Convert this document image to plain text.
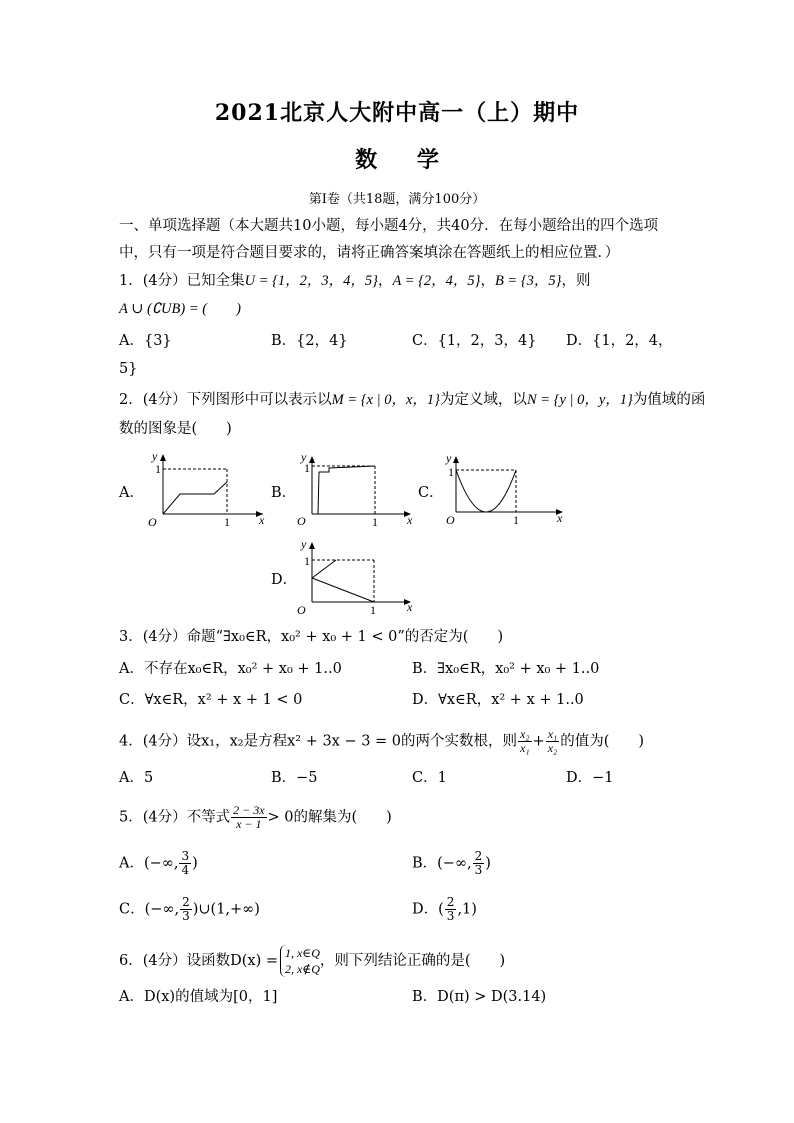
2021北京人大附中高一（上）期中
数 学
第Ⅰ卷（共18题，满分100分）
一、单项选择题（本大题共10小题，每小题4分，共40分．在每小题给出的四个选项
中，只有一项是符合题目要求的，请将正确答案填涂在答题纸上的相应位置．）
1．(4分）已知全集U = {1，2，3，4，5}，A = {2，4，5}，B = {3，5}，则
A ∪ (∁UB) = (　　)
A．{3}	B．{2，4}	C．{1，2，3，4} D．{1，2，4，
5}
2．(4分）下列图形中可以表示以M = {x | 0，x，1}为定义域，以N = {y | 0，y，1}为值域的函
数的图象是(　　)
A．	B．	C．
D．
y
1
O	1 x
y
1
O	1 x
y
1
O	1	x
y
1
O	1	x
3．(4分）命题“∃x₀∈R，x₀² + x₀ + 1 < 0”的否定为(　　)
A．不存在x₀∈R，x₀² + x₀ + 1..0	B．∃x₀∈R，x₀² + x₀ + 1..0
C．∀x∈R，x² + x + 1 < 0	D．∀x∈R，x² + x + 1..0
4．(4分）设x₁，x₂是方程x² + 3x − 3 = 0的两个实数根，则 $\frac{\text{x₂}}{\text{x₁}} + \frac{\text{x₁}}{\text{x₂}}$ 的值为(　　)
A．5	B．−5	C．1	D．−1
5．(4分）不等式 $\frac{2 - 3x}{x - 1} > 0$的解集为(　　)
A．(−∞, $\frac{3}{4}$ )	B．(−∞, $\frac{2}{3}$ )
C．(−∞, $\frac{2}{3}$ )∪(1,+∞)	D．( $\frac{2}{3} ,1$)
6．(4分）设函数D(x) = 1, x∈Q
2, x∉Q ，则下列结论正确的是(　　)
A．D(x)的值域为[0，1]	B．D(π) > D(3.14)
